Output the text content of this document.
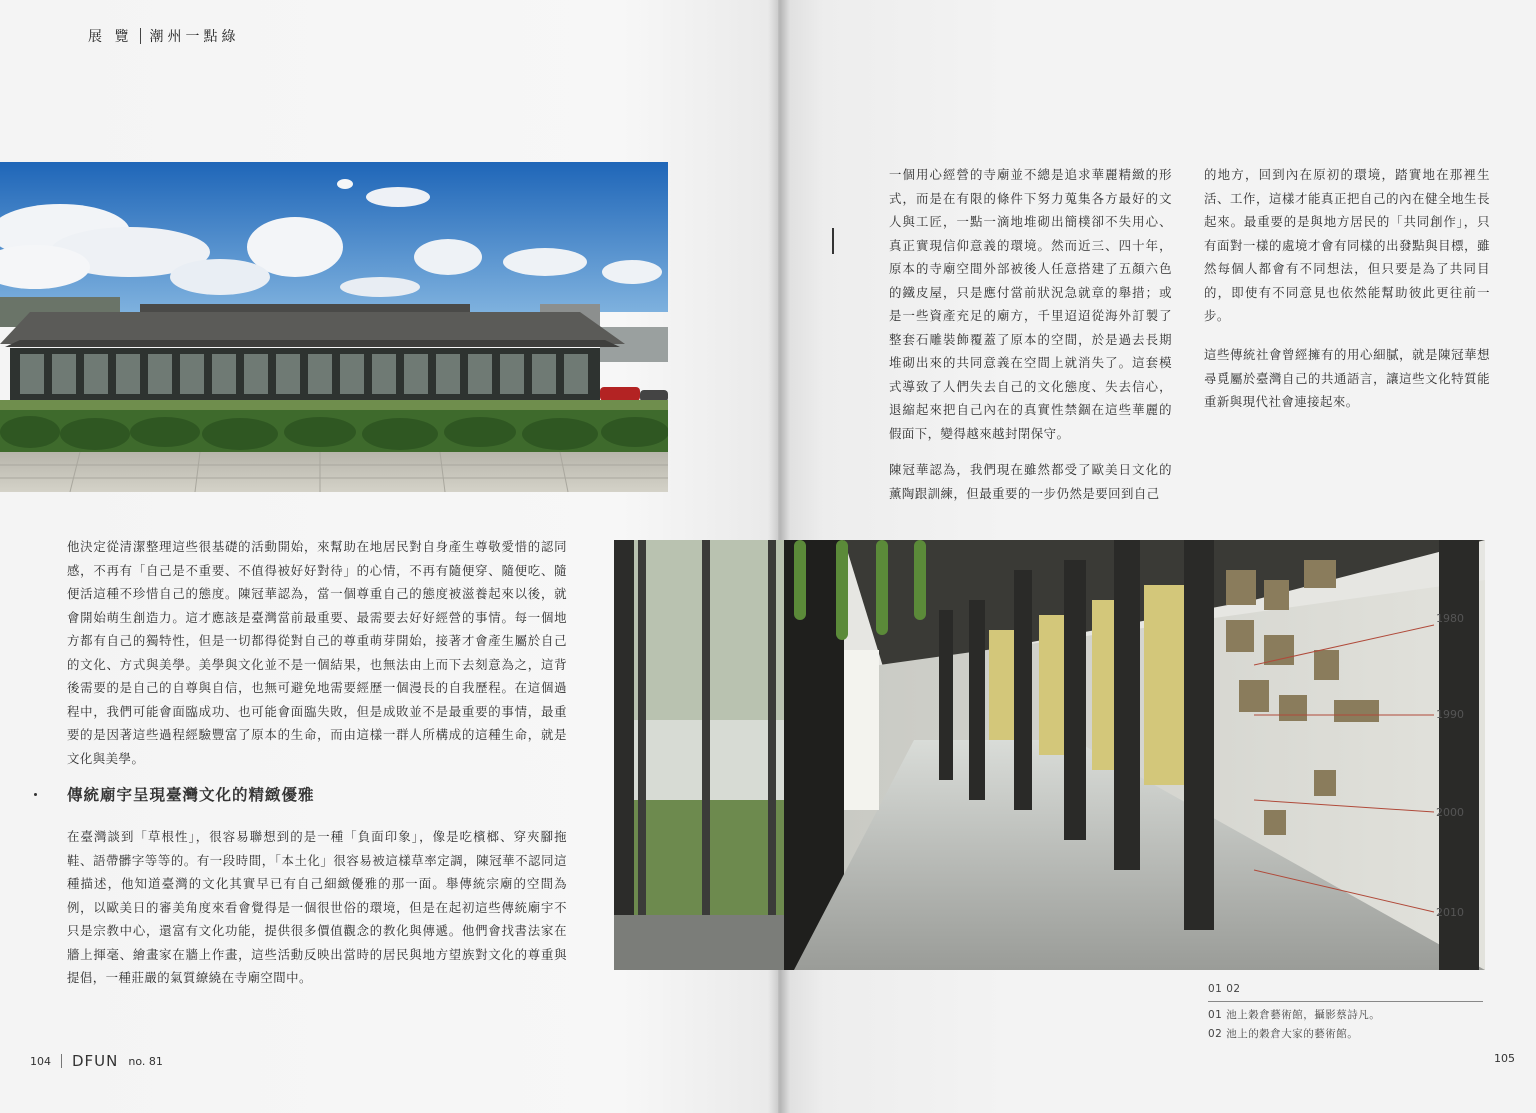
展 覽 潮州一點綠

他決定從清潔整理這些很基礎的活動開始，來幫助在地居民對自身產生尊敬愛惜的認同感，不再有「自己是不重要、不值得被好好對待」的心情，不再有隨便穿、隨便吃、隨便活這種不珍惜自己的態度。陳冠華認為，當一個尊重自己的態度被滋養起來以後，就會開始萌生創造力。這才應該是臺灣當前最重要、最需要去好好經營的事情。每一個地方都有自己的獨特性，但是一切都得從對自己的尊重萌芽開始，接著才會產生屬於自己的文化、方式與美學。美學與文化並不是一個結果，也無法由上而下去刻意為之，這背後需要的是自己的自尊與自信，也無可避免地需要經歷一個漫長的自我歷程。在這個過程中，我們可能會面臨成功、也可能會面臨失敗，但是成敗並不是最重要的事情，最重要的是因著這些過程經驗豐富了原本的生命，而由這樣一群人所構成的這種生命，就是文化與美學。

傳統廟宇呈現臺灣文化的精緻優雅

在臺灣談到「草根性」，很容易聯想到的是一種「負面印象」，像是吃檳榔、穿夾腳拖鞋、語帶髒字等等的。有一段時間，「本土化」很容易被這樣草率定調，陳冠華不認同這種描述，他知道臺灣的文化其實早已有自己細緻優雅的那一面。舉傳統宗廟的空間為例，以歐美日的審美角度來看會覺得是一個很世俗的環境，但是在起初這些傳統廟宇不只是宗教中心，還富有文化功能，提供很多價值觀念的教化與傳遞。他們會找書法家在牆上揮毫、繪畫家在牆上作畫，這些活動反映出當時的居民與地方望族對文化的尊重與提倡，一種莊嚴的氣質繚繞在寺廟空間中。

104 DFUN no. 81

一個用心經營的寺廟並不總是追求華麗精緻的形式，而是在有限的條件下努力蒐集各方最好的文人與工匠，一點一滴地堆砌出簡樸卻不失用心、真正實現信仰意義的環境。然而近三、四十年，原本的寺廟空間外部被後人任意搭建了五顏六色的鐵皮屋，只是應付當前狀況急就章的舉措；或是一些資產充足的廟方，千里迢迢從海外訂製了整套石雕裝飾覆蓋了原本的空間，於是過去長期堆砌出來的共同意義在空間上就消失了。這套模式導致了人們失去自己的文化態度、失去信心，退縮起來把自己內在的真實性禁錮在這些華麗的假面下，變得越來越封閉保守。

陳冠華認為，我們現在雖然都受了歐美日文化的薰陶跟訓練，但最重要的一步仍然是要回到自己

的地方，回到內在原初的環境，踏實地在那裡生活、工作，這樣才能真正把自己的內在健全地生長起來。最重要的是與地方居民的「共同創作」，只有面對一樣的處境才會有同樣的出發點與目標，雖然每個人都會有不同想法，但只要是為了共同目的，即使有不同意見也依然能幫助彼此更往前一步。

這些傳統社會曾經擁有的用心細膩，就是陳冠華想尋覓屬於臺灣自己的共通語言，讓這些文化特質能重新與現代社會連接起來。

01 02
01 池上穀倉藝術館，攝影蔡詩凡。
02 池上的穀倉大家的藝術館。
105
1980
1990
2000
2010
